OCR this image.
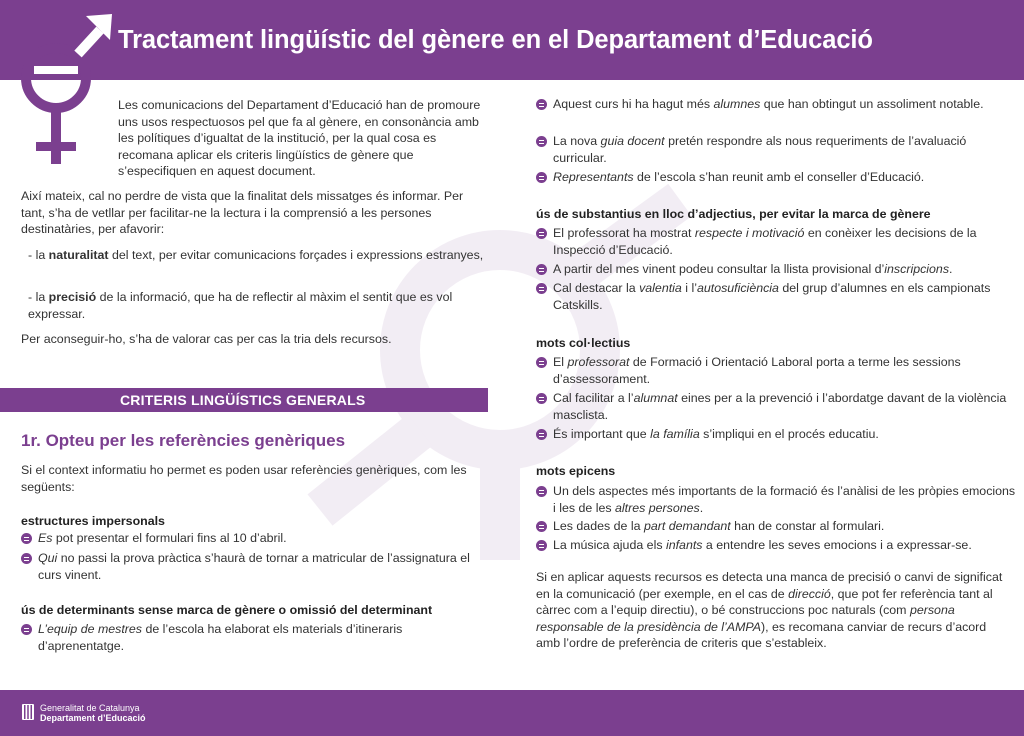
Tractament lingüístic del gènere en el Departament d’Educació

Les comunicacions del Departament d’Educació han de promoure uns usos respectuosos pel que fa al gènere, en consonància amb les polítiques d’igualtat de la institució, per la qual cosa es recomana aplicar els criteris lingüístics de gènere que s’especifiquen en aquest document.

Així mateix, cal no perdre de vista que la finalitat dels missatges és informar. Per tant, s’ha de vetllar per facilitar-ne la lectura i la comprensió a les persones destinatàries, per afavorir:

- la naturalitat del text, per evitar comunicacions forçades i expressions estranyes,

- la precisió de la informació, que ha de reflectir al màxim el sentit que es vol expressar.

Per aconseguir-ho, s’ha de valorar cas per cas la tria dels recursos.

CRITERIS LINGÜÍSTICS GENERALS
1r. Opteu per les referències genèriques

Si el context informatiu ho permet es poden usar referències genèriques, com les següents:

estructures impersonals
Es pot presentar el formulari fins al 10 d’abril.
Qui no passi la prova pràctica s’haurà de tornar a matricular de l’assignatura el curs vinent.
ús de determinants sense marca de gènere o omissió del determinant
L’equip de mestres de l’escola ha elaborat els materials d’itineraris d’aprenentatge.
Aquest curs hi ha hagut més alumnes que han obtingut un assoliment notable.
La nova guia docent pretén respondre als nous requeriments de l’avaluació curricular.
Representants de l’escola s’han reunit amb el conseller d’Educació.
ús de substantius en lloc d’adjectius, per evitar la marca de gènere
El professorat ha mostrat respecte i motivació en conèixer les decisions de la Inspecció d’Educació.
A partir del mes vinent podeu consultar la llista provisional d’inscripcions.
Cal destacar la valentia i l’autosuficiència del grup d’alumnes en els campionats Catskills.
mots col·lectius
El professorat de Formació i Orientació Laboral porta a terme les sessions d’assessorament.
Cal facilitar a l’alumnat eines per a la prevenció i l’abordatge davant de la violència masclista.
És important que la família s’impliqui en el procés educatiu.
mots epicens
Un dels aspectes més importants de la formació és l’anàlisi de les pròpies emocions i les de les altres persones.
Les dades de la part demandant han de constar al formulari.
La música ajuda els infants a entendre les seves emocions i a expressar-se.

Si en aplicar aquests recursos es detecta una manca de precisió o canvi de significat en la comunicació (per exemple, en el cas de direcció, que pot fer referència tant al càrrec com a l’equip directiu), o bé construccions poc naturals (com persona responsable de la presidència de l’AMPA), es recomana canviar de recurs d’acord amb l’ordre de preferència de criteris que s’estableix.

Generalitat de Catalunya
Departament d’Educació
